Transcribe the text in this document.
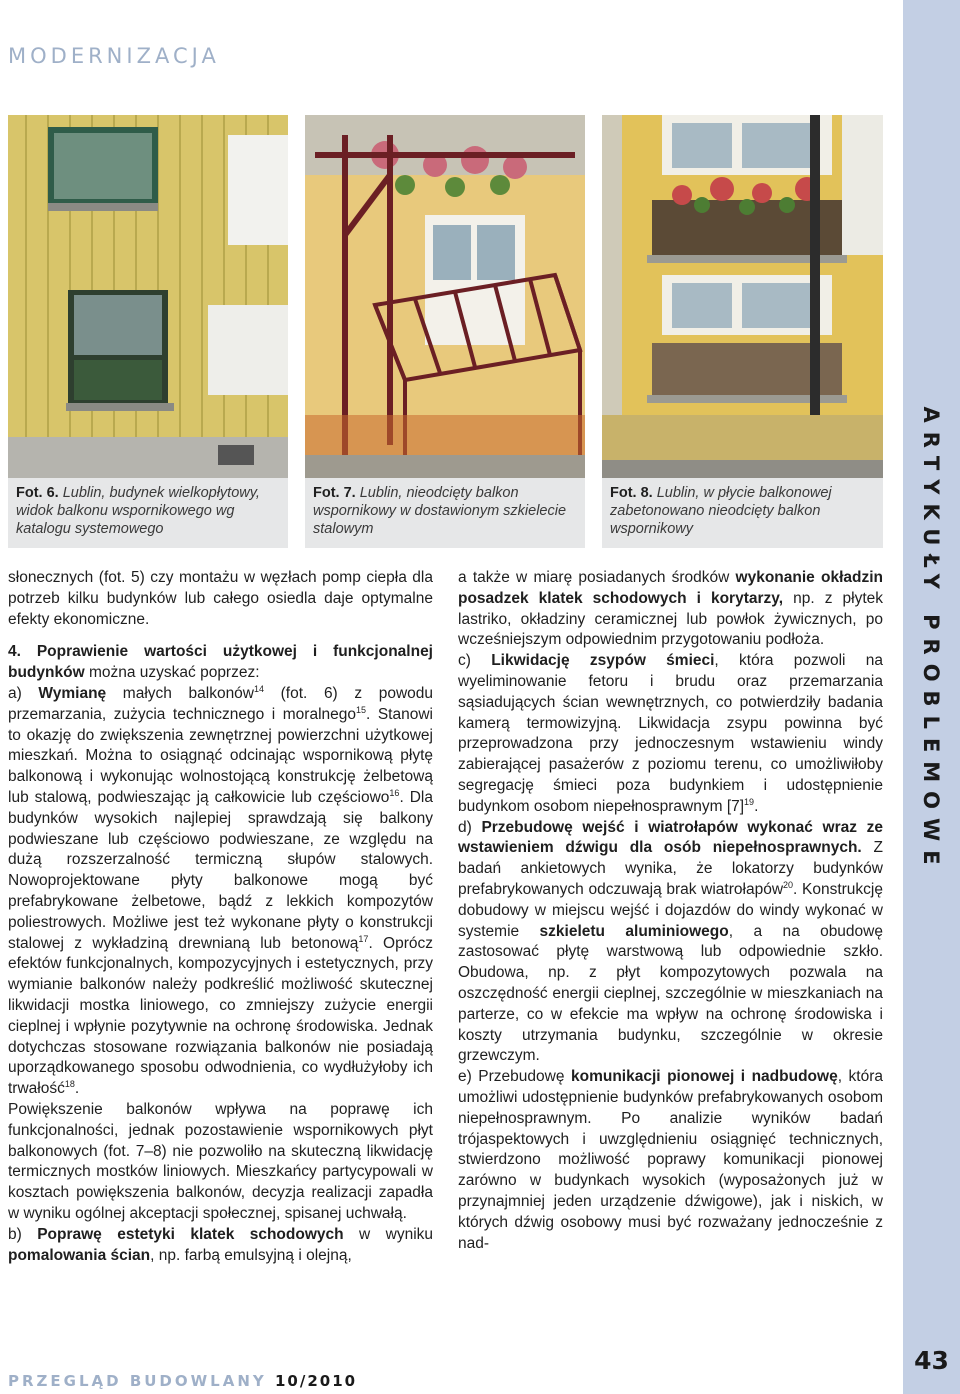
MODERNIZACJA
Fot. 6. Lublin, budynek wielkopłytowy, widok balkonu wspornikowego wg katalogu systemowego
Fot. 7. Lublin, nieodcięty balkon wspornikowy w dostawionym szkielecie stalowym
Fot. 8. Lublin, w płycie balkonowej zabetonowano nieodcięty balkon wspornikowy

słonecznych (fot. 5) czy montażu w węzłach pomp ciepła dla potrzeb kilku budynków lub całego osiedla daje optymalne efekty ekonomiczne.

4. Poprawienie wartości użytkowej i funkcjonalnej budynków można uzyskać poprzez:

a) Wymianę małych balkonów$^{14}$ (fot. 6) z powodu przemarzania, zużycia technicznego i moralnego$^{15}$. Stanowi to okazję do zwiększenia zewnętrznej powierzchni użytkowej mieszkań. Można to osiągnąć odcinając wspornikową płytę balkonową i wykonując wolnostojącą konstrukcję żelbetową lub stalową, podwieszając ją całkowicie lub częściowo$^{16}$. Dla budynków wysokich najlepiej sprawdzają się balkony podwieszane lub częściowo podwieszane, ze względu na dużą rozszerzalność termiczną słupów stalowych. Nowoprojektowane płyty balkonowe mogą być prefabrykowane żelbetowe, bądź z lekkich kompozytów poliestrowych. Możliwe jest też wykonane płyty o konstrukcji stalowej z wykładziną drewnianą lub betonową$^{17}$. Oprócz efektów funkcjonalnych, kompozycyjnych i estetycznych, przy wymianie balkonów należy podkreślić możliwość skutecznej likwidacji mostka liniowego, co zmniejszy zużycie energii cieplnej i wpłynie pozytywnie na ochronę środowiska. Jednak dotychczas stosowane rozwiązania balkonów nie posiadają uporządkowanego sposobu odwodnienia, co wydłużyłoby ich trwałość$^{18}$.

Powiększenie balkonów wpływa na poprawę ich funkcjonalności, jednak pozostawienie wspornikowych płyt balkonowych (fot. 7–8) nie pozwoliło na skuteczną likwidację termicznych mostków liniowych. Mieszkańcy partycypowali w kosztach powiększenia balkonów, decyzja realizacji zapadła w wyniku ogólnej akceptacji społecznej, spisanej uchwałą.

b) Poprawę estetyki klatek schodowych w wyniku pomalowania ścian, np. farbą emulsyjną i olejną,

a także w miarę posiadanych środków wykonanie okładzin posadzek klatek schodowych i korytarzy, np. z płytek lastriko, okładziny ceramicznej lub powłok żywicznych, po wcześniejszym odpowiednim przygotowaniu podłoża.

c) Likwidację zsypów śmieci, która pozwoli na wyeliminowanie fetoru i brudu oraz przemarzania sąsiadujących ścian wewnętrznych, co potwierdziły badania kamerą termowizyjną. Likwidacja zsypu powinna być przeprowadzona przy jednoczesnym wstawieniu windy zabierającej pasażerów z poziomu terenu, co umożliwiłoby segregację śmieci poza budynkiem i udostępnienie budynkom osobom niepełnosprawnym $[7]^{19}$.

d) Przebudowę wejść i wiatrołapów wykonać wraz ze wstawieniem dźwigu dla osób niepełnosprawnych. Z badań ankietowych wynika, że lokatorzy budynków prefabrykowanych odczuwają brak wiatrołapów$^{20}$. Konstrukcję dobudowy w miejscu wejść i dojazdów do windy wykonać w systemie szkieletu aluminiowego, a na obudowę zastosować płytę warstwową lub odpowiednie szkło. Obudowa, np. z płyt kompozytowych pozwala na oszczędność energii cieplnej, szczególnie w mieszkaniach na parterze, co w efekcie ma wpływ na ochronę środowiska i koszty utrzymania budynku, szczególnie w okresie grzewczym.

e) Przebudowę komunikacji pionowej i nadbudowę, która umożliwi udostępnienie budynków prefabrykowanych osobom niepełnosprawnym. Po analizie wyników badań trójaspektowych i uwzględnieniu osiągnięć technicznych, stwierdzono możliwość poprawy komunikacji pionowej zarówno w budynkach wysokich (wyposażonych już w przynajmniej jeden urządzenie dźwigowe), jak i niskich, w których dźwig osobowy musi być rozważany jednocześnie z nad-

ARTYKUŁY PROBLEMOWE
43
PRZEGLĄD BUDOWLANY 10/2010
